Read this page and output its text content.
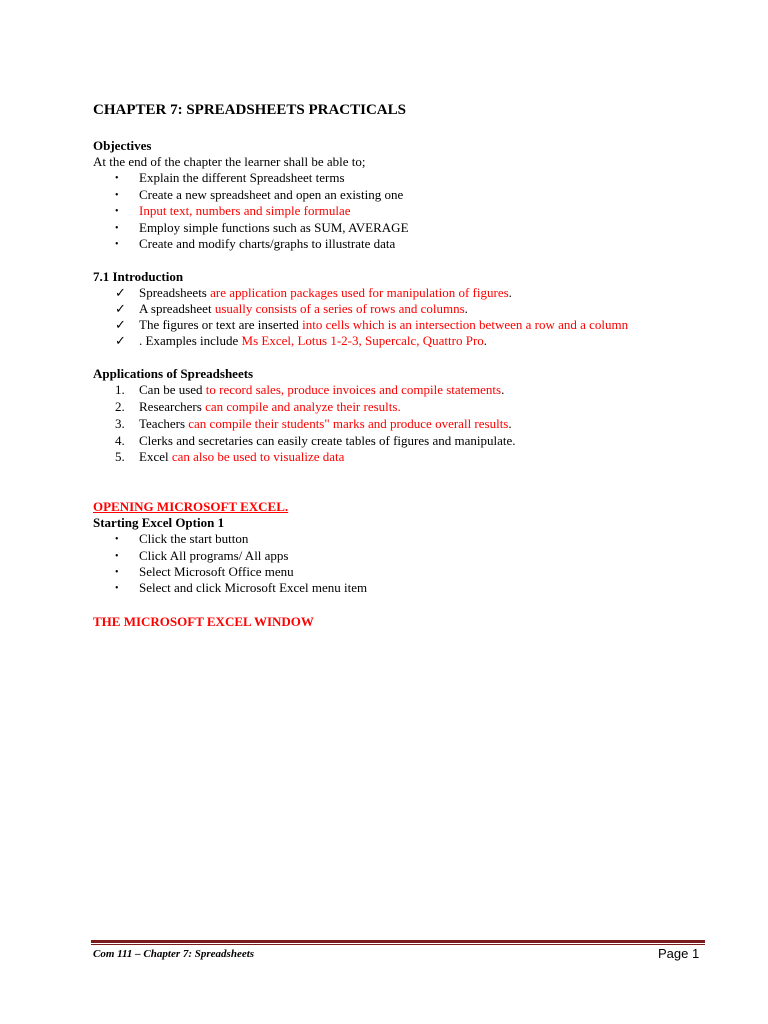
CHAPTER 7: SPREADSHEETS PRACTICALS
Objectives
At the end of the chapter the learner shall be able to;
• Explain the different Spreadsheet terms
• Create a new spreadsheet and open an existing one
• Input text, numbers and simple formulae
• Employ simple functions such as SUM, AVERAGE
• Create and modify charts/graphs to illustrate data
7.1 Introduction
✓ Spreadsheets are application packages used for manipulation of figures.
✓ A spreadsheet usually consists of a series of rows and columns.
✓ The figures or text are inserted into cells which is an intersection between a row and a column
✓ . Examples include Ms Excel, Lotus 1-2-3, Supercalc, Quattro Pro.
Applications of Spreadsheets
1. Can be used to record sales, produce invoices and compile statements.
2. Researchers can compile and analyze their results.
3. Teachers can compile their students" marks and produce overall results.
4. Clerks and secretaries can easily create tables of figures and manipulate.
5. Excel can also be used to visualize data
OPENING MICROSOFT EXCEL.
Starting Excel Option 1
• Click the start button
• Click All programs/ All apps
• Select Microsoft Office menu
• Select and click Microsoft Excel menu item
THE MICROSOFT EXCEL WINDOW
Com 111 – Chapter 7: Spreadsheets	Page 1
